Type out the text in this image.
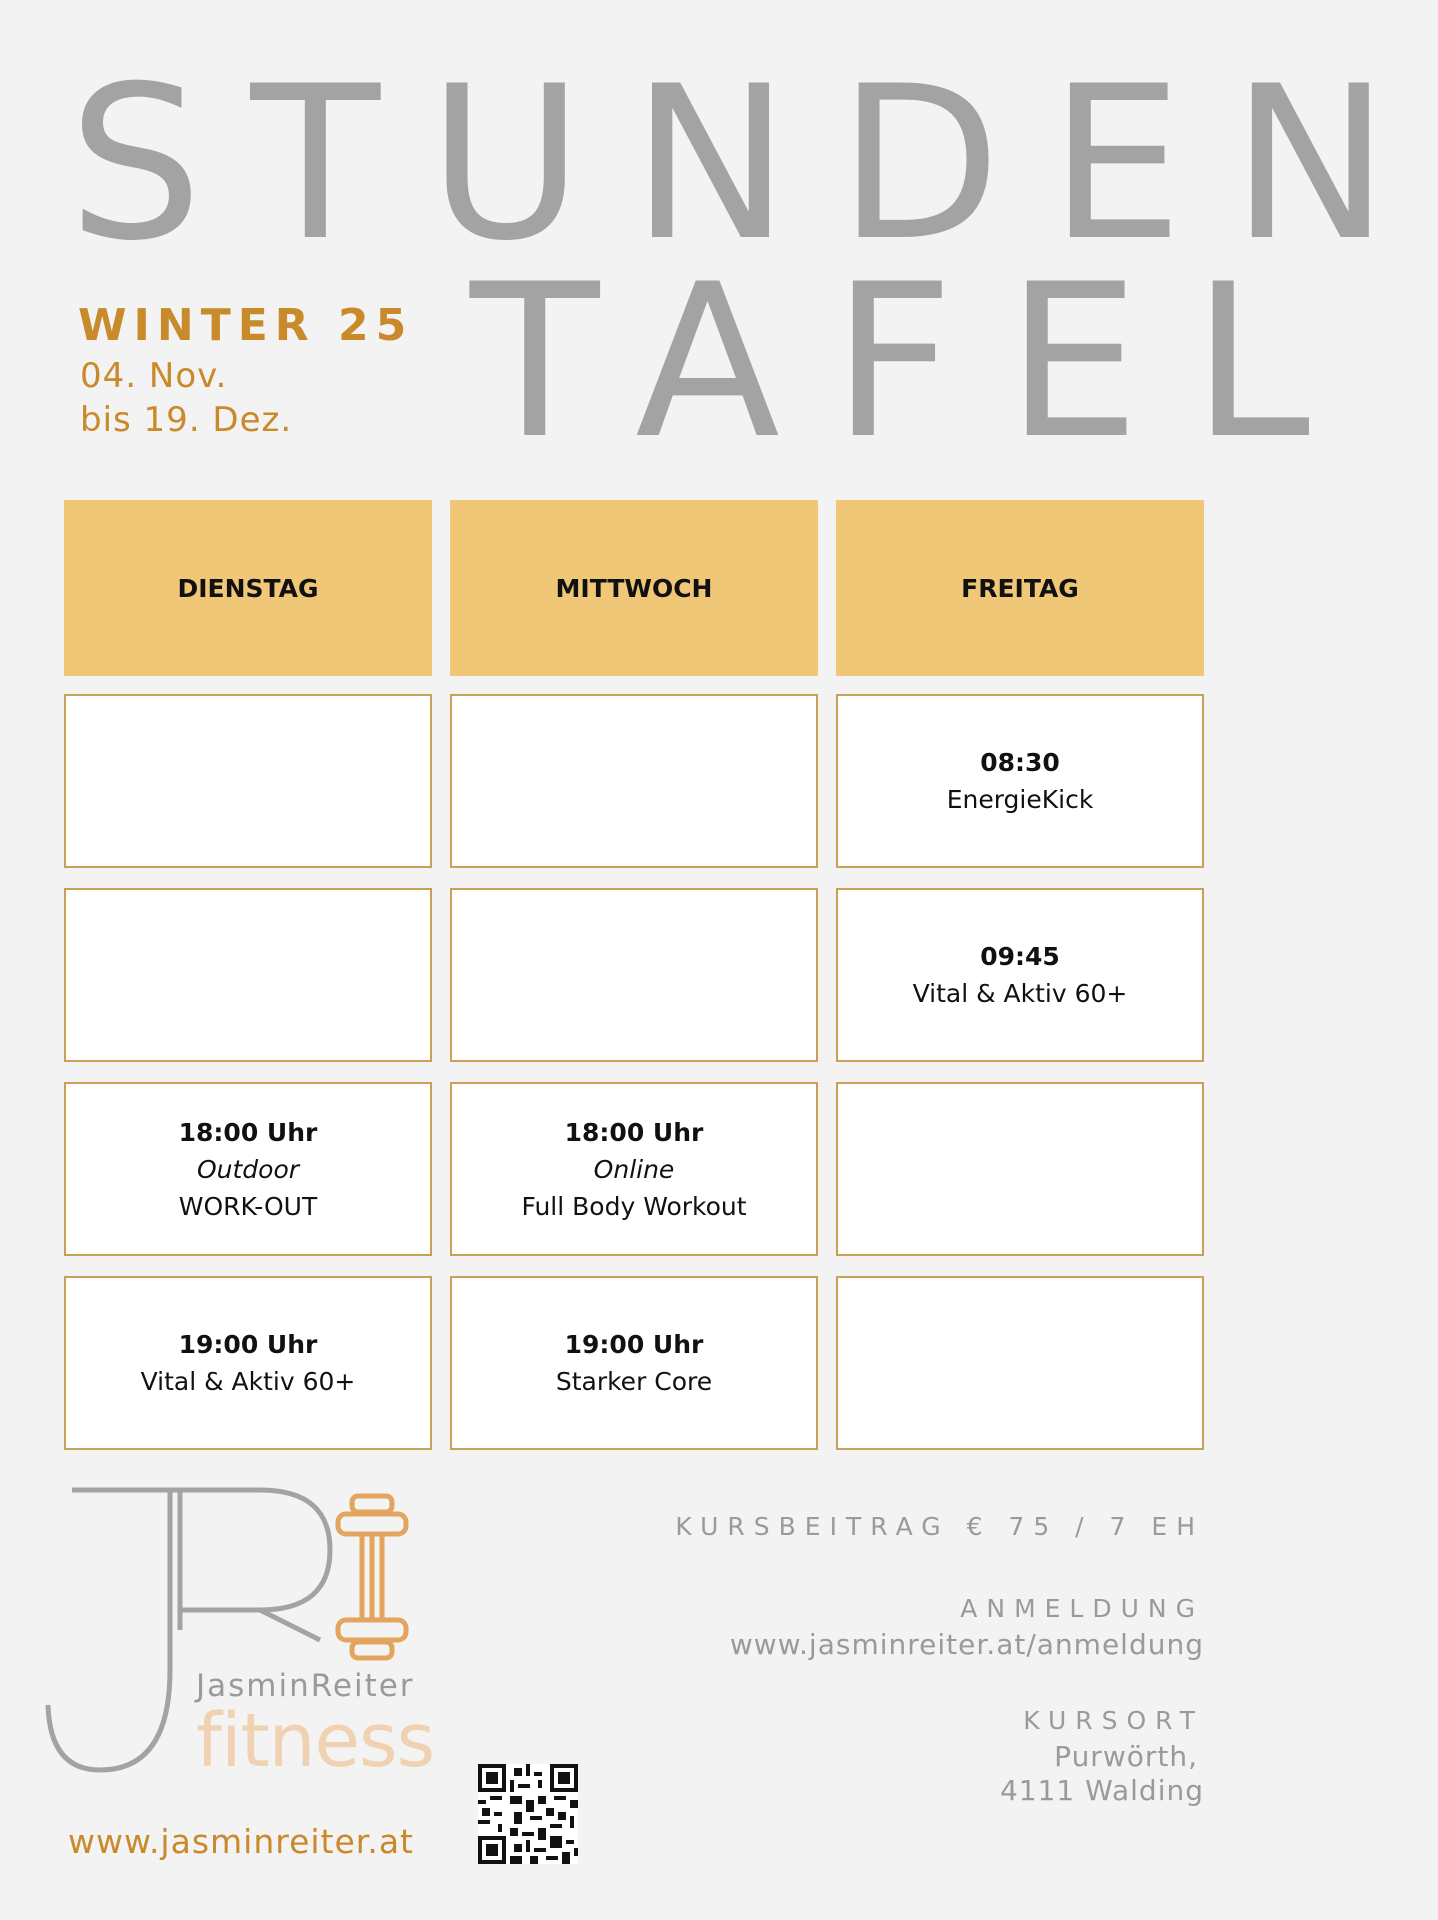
STUNDEN
TAFEL
WINTER 25
04. Nov.
bis 19. Dez.
DIENSTAG	MITTWOCH	FREITAG
08:30
EnergieKick
09:45
Vital & Aktiv 60+
18:00 Uhr
Outdoor
WORK-OUT
18:00 Uhr
Online
Full Body Workout
19:00 Uhr
Vital & Aktiv 60+
19:00 Uhr
Starker Core
JasminReiter
fitness
www.jasminreiter.at
KURSBEITRAG € 75 / 7 EH
ANMELDUNG
www.jasminreiter.at/anmeldung
KURSORT
Purwörth,
4111 Walding
